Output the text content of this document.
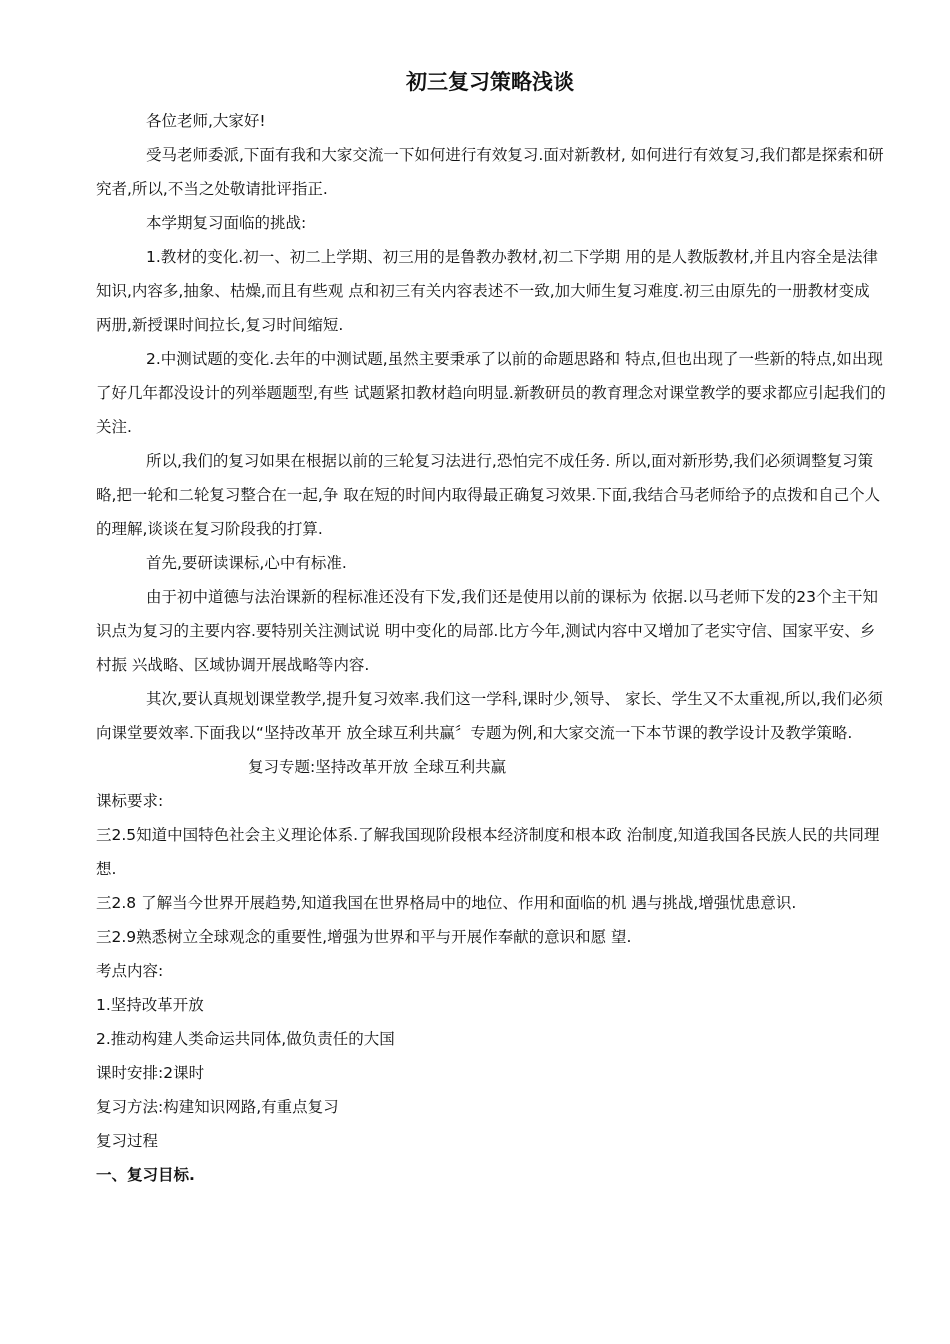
初三复习策略浅谈

各位老师,大家好!

受马老师委派,下面有我和大家交流一下如何进行有效复习.面对新教材, 如何进行有效复习,我们都是探索和研究者,所以,不当之处敬请批评指正.

本学期复习面临的挑战:

1.教材的变化.初一、初二上学期、初三用的是鲁教办教材,初二下学期 用的是人教版教材,并且内容全是法律知识,内容多,抽象、枯燥,而且有些观 点和初三有关内容表述不一致,加大师生复习难度.初三由原先的一册教材变成 两册,新授课时间拉长,复习时间缩短.

2.中测试题的变化.去年的中测试题,虽然主要秉承了以前的命题思路和 特点,但也出现了一些新的特点,如出现了好几年都没设计的列举题题型,有些 试题紧扣教材趋向明显.新教研员的教育理念对课堂教学的要求都应引起我们的 关注.

所以,我们的复习如果在根据以前的三轮复习法进行,恐怕完不成任务. 所以,面对新形势,我们必须调整复习策略,把一轮和二轮复习整合在一起,争 取在短的时间内取得最正确复习效果.下面,我结合马老师给予的点拨和自己个人 的理解,谈谈在复习阶段我的打算.

首先,要研读课标,心中有标准.

由于初中道德与法治课新的程标准还没有下发,我们还是使用以前的课标为 依据.以马老师下发的23个主干知识点为复习的主要内容.要特别关注测试说 明中变化的局部.比方今年,测试内容中又增加了老实守信、国家平安、乡村振 兴战略、区域协调开展战略等内容.

其次,要认真规划课堂教学,提升复习效率.我们这一学科,课时少,领导、 家长、学生又不太重视,所以,我们必须向课堂要效率.下面我以“坚持改革开 放全球互利共赢〞专题为例,和大家交流一下本节课的教学设计及教学策略.

复习专题:坚持改革开放 全球互利共赢

课标要求:

三2.5知道中国特色社会主义理论体系.了解我国现阶段根本经济制度和根本政 治制度,知道我国各民族人民的共同理想.

三2.8 了解当今世界开展趋势,知道我国在世界格局中的地位、作用和面临的机 遇与挑战,增强忧患意识.

三2.9熟悉树立全球观念的重要性,增强为世界和平与开展作奉献的意识和愿 望.

考点内容:

1.坚持改革开放

2.推动构建人类命运共同体,做负责任的大国

课时安排:2课时

复习方法:构建知识网路,有重点复习

复习过程

一、复习目标.
